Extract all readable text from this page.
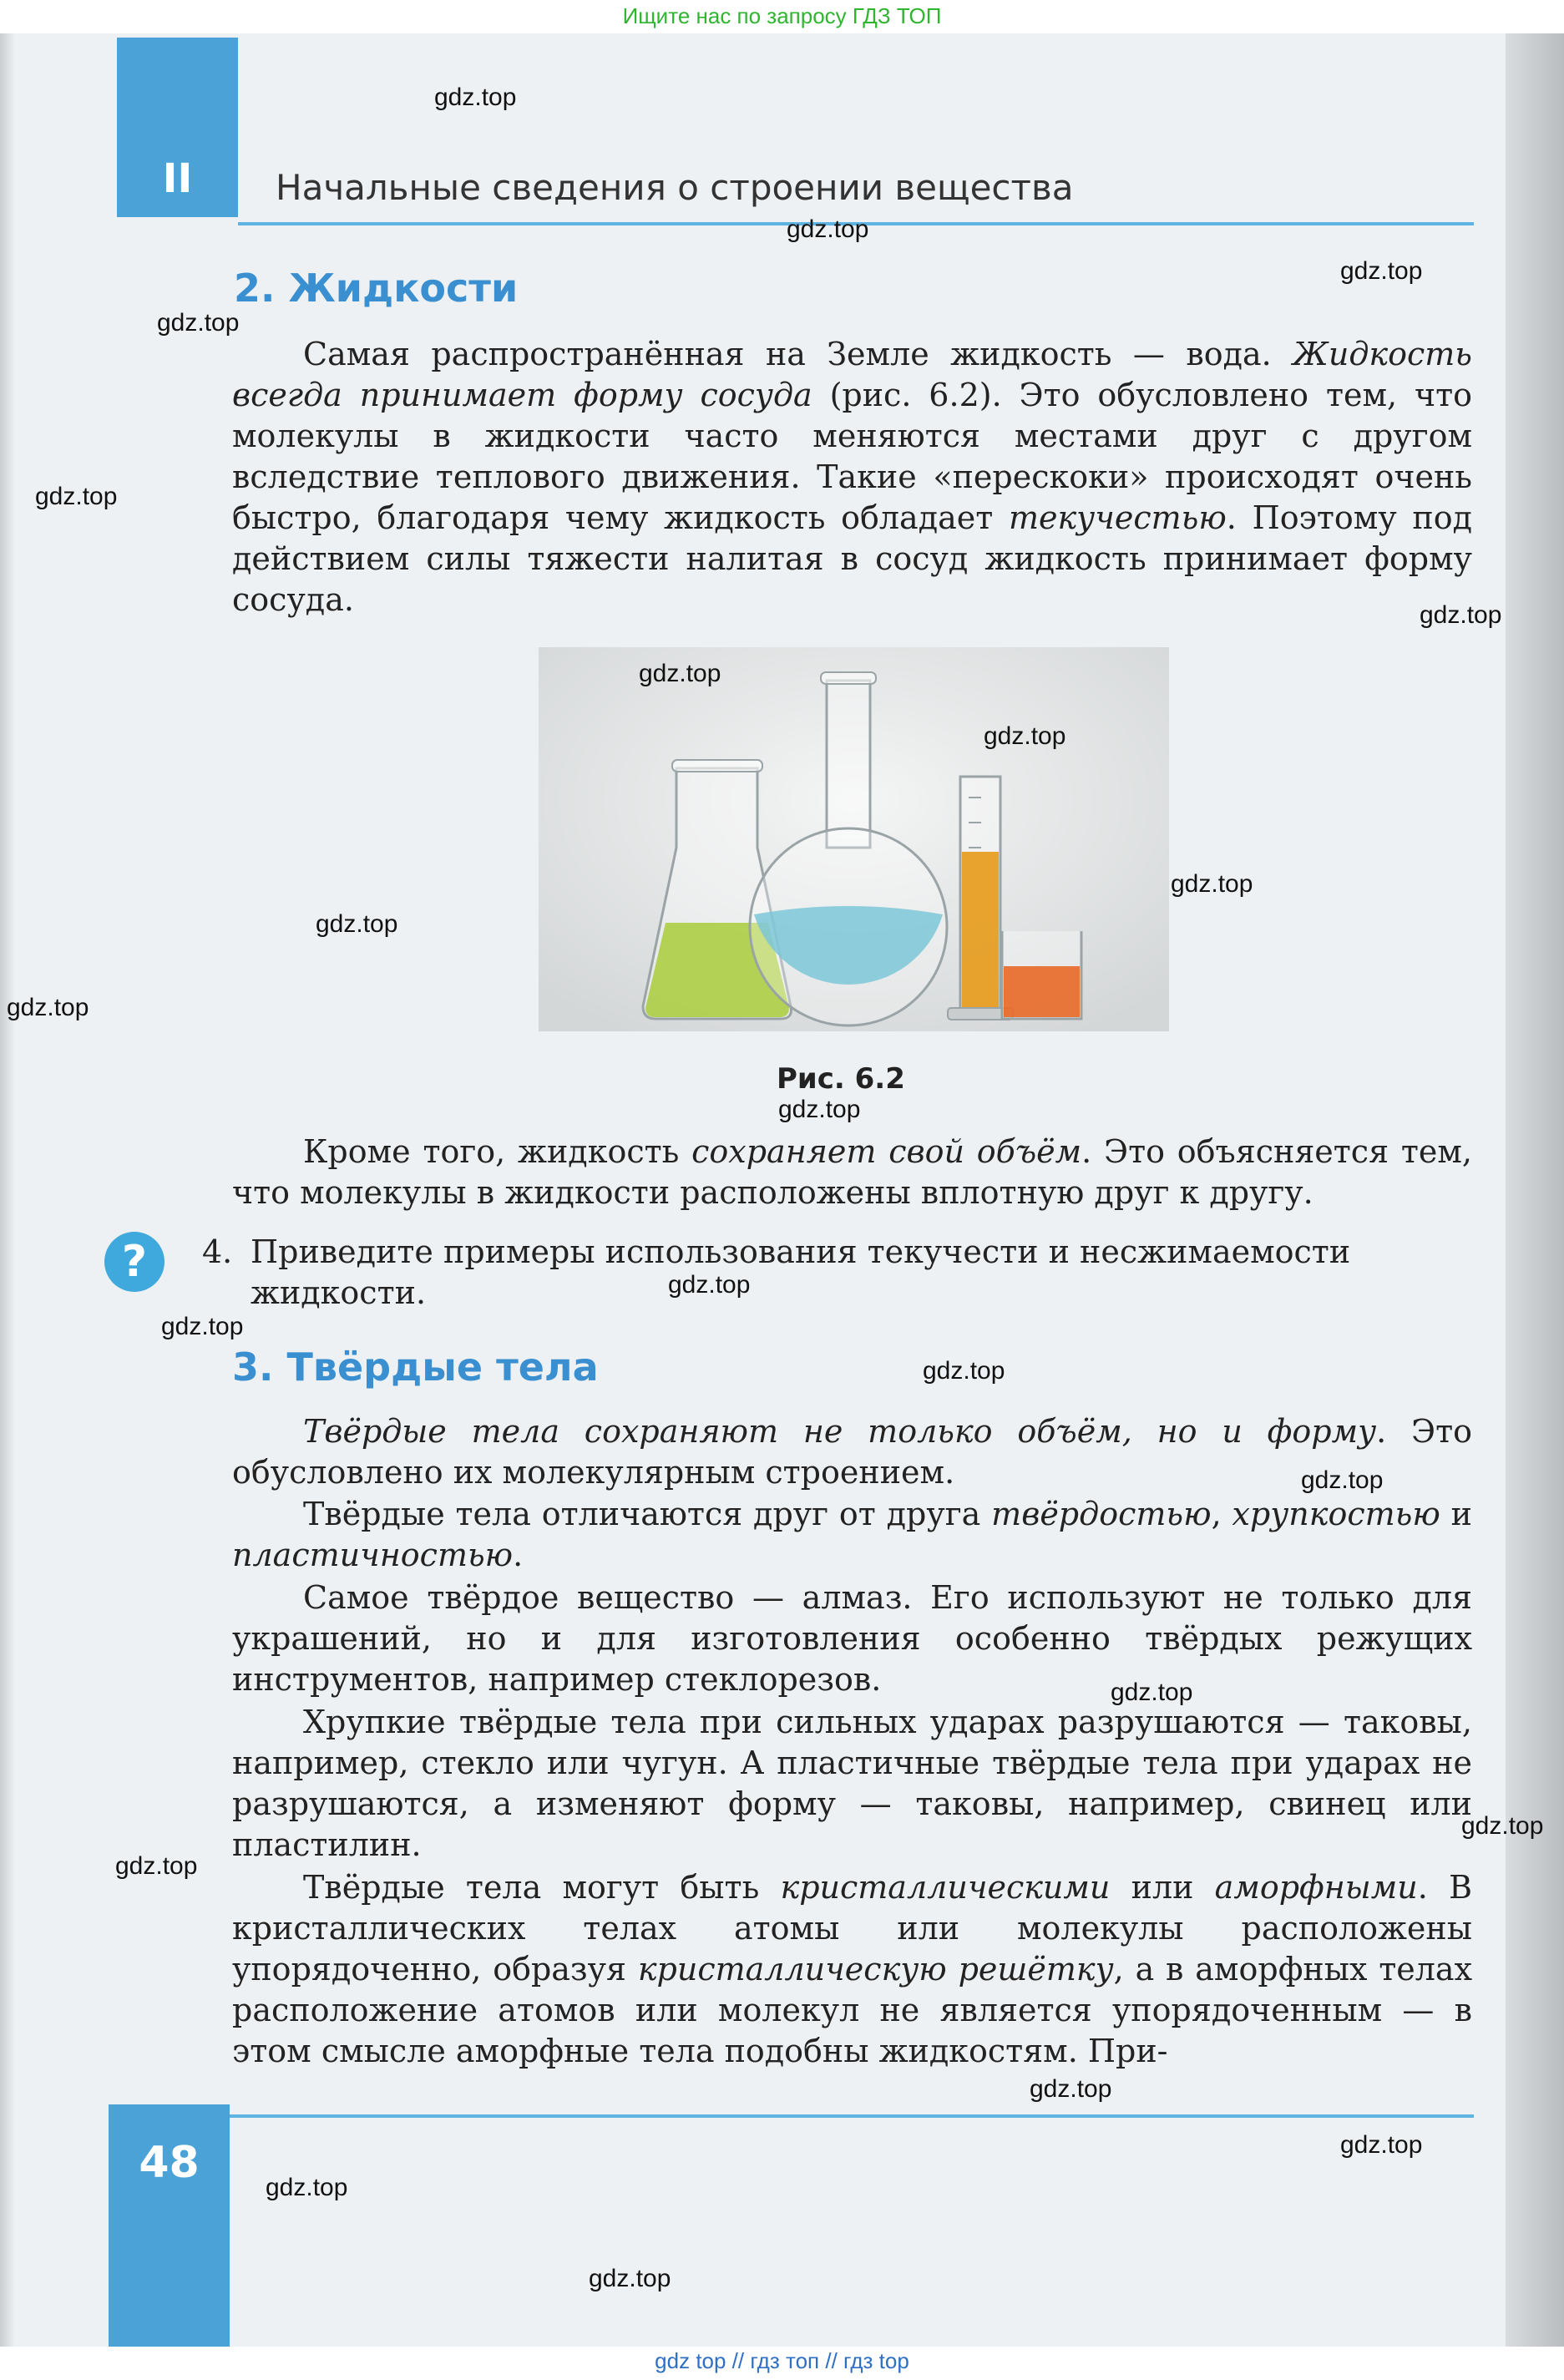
Ищите нас по запросу ГДЗ ТОП
II Начальные сведения о строении вещества
2. Жидкости

Самая распространённая на Земле жидкость — вода. Жидкость всегда принимает форму сосуда (рис. 6.2). Это обусловлено тем, что молекулы в жидкости часто меняются местами друг с другом вследствие теплового движения. Такие «перескоки» происходят очень быстро, благодаря чему жидкость обладает текучестью. Поэтому под действием силы тяжести налитая в сосуд жидкость принимает форму сосуда.

Рис. 6.2

Кроме того, жидкость сохраняет свой объём. Это объясняется тем, что молекулы в жидкости расположены вплотную друг к другу.

?	4. Приведите примеры использования текучести и несжимаемости жидкости.

3. Твёрдые тела

Твёрдые тела сохраняют не только объём, но и форму. Это обусловлено их молекулярным строением.

Твёрдые тела отличаются друг от друга твёрдостью, хрупкостью и пластичностью.

Самое твёрдое вещество — алмаз. Его используют не только для украшений, но и для изготовления особенно твёрдых режущих инструментов, например стеклорезов.

Хрупкие твёрдые тела при сильных ударах разрушаются — таковы, например, стекло или чугун. А пластичные твёрдые тела при ударах не разрушаются, а изменяют форму — таковы, например, свинец или пластилин.

Твёрдые тела могут быть кристаллическими или аморфными. В кристаллических телах атомы или молекулы расположены упорядоченно, образуя кристаллическую решётку, а в аморфных телах расположение атомов или молекул не является упорядоченным — в этом смысле аморфные тела подобны жидкостям. При-

48
gdz top // гдз топ // гдз top
gdz.top
gdz.top
gdz.top
gdz.top
gdz.top
gdz.top
gdz.top
gdz.top
gdz.top
gdz.top
gdz.top
gdz.top
gdz.top
gdz.top
gdz.top
gdz.top
gdz.top
gdz.top
gdz.top
gdz.top
gdz.top
gdz.top
gdz.top
